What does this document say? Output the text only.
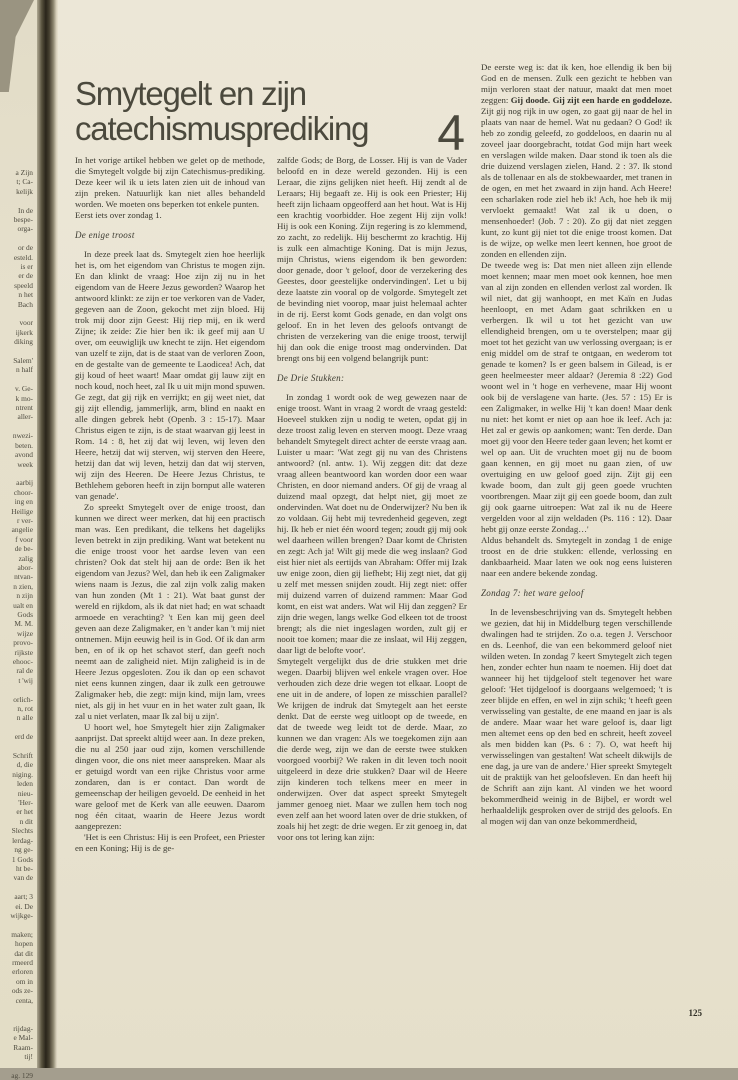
a Zijn
t; Ca-
kelijk
In de
bespe-
orga-
or de
esteld.
is er
er de
speeld
n het
Bach
voor
ijkerk
diking
Salem'
n half
v. Ge-
k mo-
ntrent
aller-
nwezi-
beten.
avond
week
aarbij
choor-
ing en
Heilige
r ver-
angelie
f voor
de be-
zalig
abor-
ntvan-
n zien,
n zijn
ualt en
Gods
M. M.
wijze
provo-
rijkste
ehooc-
ral de
t 'wij
orlich-
n, rot
n alle
erd de
Schrift
d, die
niging.
leden
nieu-
'Her-
er het
n dit
Slechts
lerdag-
ng ge-
1 Gods
ht be-
van de
aart; 3
ei. De
wijkge-
maken;
hopen
dat dit
rmeerd
erloren
om in
ods ze-
centa,
rijdag-
e Mal-
Raam-
tij!
ag. 129
Smytegelt en zijn
catechismusprediking	4

In het vorige artikel hebben we gelet op de methode, die Smytegelt volgde bij zijn Catechismus-prediking. Deze keer wil ik u iets laten zien uit de inhoud van zijn preken. Natuurlijk kan niet alles behandeld worden. We moeten ons beperken tot enkele punten.

Eerst iets over zondag 1.

De enige troost

In deze preek laat ds. Smytegelt zien hoe heerlijk het is, om het eigendom van Christus te mogen zijn. En dan klinkt de vraag: Hoe zijn zij nu in het eigendom van de Heere Jezus geworden? Waarop het antwoord klinkt: ze zijn er toe verkoren van de Vader, gegeven aan de Zoon, gekocht met zijn bloed. Hij trok mij door zijn Geest: Hij riep mij, en ik werd Zijne; ik zeide: Zie hier ben ik: ik geef mij aan U over, om eeuwiglijk uw knecht te zijn. Het eigendom van uzelf te zijn, dat is de staat van de verloren Zoon, en de gestalte van de gemeente te Laodicea! Ach, dat gij koud of heet waart! Maar omdat gij lauw zijt en noch koud, noch heet, zal Ik u uit mijn mond spuwen. Ge zegt, dat gij rijk en verrijkt; en gij weet niet, dat gij zijt ellendig, jammerlijk, arm, blind en naakt en alle dingen gebrek hebt (Openb. 3 : 15-17). Maar Christus eigen te zijn, is de staat waarvan gij leest in Rom. 14 : 8, het zij dat wij leven, wij leven den Heere, hetzij dat wij sterven, wij sterven den Heere, hetzij dan dat wij leven, hetzij dan dat wij sterven, wij zijn des Heeren. De Heere Jezus Christus, te Bethlehem geboren heeft in zijn bornput alle wateren van genade'.

Zo spreekt Smytegelt over de enige troost, dan kunnen we direct weer merken, dat hij een practisch man was. Een predikant, die telkens het dagelijks leven betrekt in zijn prediking. Want wat betekent nu die enige troost voor het aardse leven van een christen? Ook dat stelt hij aan de orde: Ben ik het eigendom van Jezus? Wel, dan heb ik een Zaligmaker wiens naam is Jezus, die zal zijn volk zalig maken van hun zonden (Mt 1 : 21). Wat baat gunst der wereld en rijkdom, als ik dat niet had; en wat schaadt armoede en verachting? 't Een kan mij geen deel geven aan deze Zaligmaker, en 't ander kan 't mij niet ontnemen. Mijn eeuwig heil is in God. Of ik dan arm ben, en of ik op het schavot sterf, dan geeft noch neemt aan de zaligheid niet. Mijn zaligheid is in de Heere Jezus opgesloten. Zou ik dan op een schavot niet eens kunnen zingen, daar ik zulk een getrouwe Zaligmaker heb, die zegt: mijn kind, mijn lam, vrees niet, als gij in het vuur en in het water zult gaan, Ik zal u niet verlaten, maar Ik zal bij u zijn'.

U hoort wel, hoe Smytegelt hier zijn Zaligmaker aanprijst. Dat spreekt altijd weer aan. In deze preken, die nu al 250 jaar oud zijn, komen verschillende dingen voor, die ons niet meer aanspreken. Maar als er getuigd wordt van een rijke Christus voor arme zondaren, dan is er contact. Dan wordt de gemeenschap der heiligen gevoeld. De eenheid in het ware geloof met de Kerk van alle eeuwen. Daarom nog één citaat, waarin de Heere Jezus wordt aangeprezen:

'Het is een Christus: Hij is een Profeet, een Priester en een Koning; Hij is de ge-

zalfde Gods; de Borg, de Losser. Hij is van de Vader beloofd en in deze wereld gezonden. Hij is een Leraar, die zijns gelijken niet heeft. Hij zendt al de Leraars; Hij begaaft ze. Hij is ook een Priester; Hij heeft zijn lichaam opgeofferd aan het hout. Wat is Hij een krachtig voorbidder. Hoe zegent Hij zijn volk! Hij is ook een Koning. Zijn regering is zo klemmend, zo zacht, zo redelijk. Hij beschermt zo krachtig. Hij is zulk een almachtige Koning. Dat is mijn Jezus, mijn Christus, wiens eigendom ik ben geworden: door genade, door 't geloof, door de verzekering des Geestes, door geestelijke ondervindingen'. Let u bij deze laatste zin vooral op de volgorde. Smytegelt zet de bevinding niet voorop, maar juist helemaal achter in de rij. Eerst komt Gods genade, en dan volgt ons geloof. En in het leven des geloofs ontvangt de christen de verzekering van die enige troost, terwijl hij dan ook die enige troost mag ondervinden. Dat brengt ons bij een volgend belangrijk punt:

De Drie Stukken:

In zondag 1 wordt ook de weg gewezen naar de enige troost. Want in vraag 2 wordt de vraag gesteld: Hoeveel stukken zijn u nodig te weten, opdat gij in deze troost zalig leven en sterven moogt. Deze vraag behandelt Smytegelt direct achter de eerste vraag aan. Luister u maar: 'Wat zegt gij nu van des Christens antwoord? (nl. antw. 1). Wij zeggen dit: dat deze vraag alleen beantwoord kan worden door een waar Christen, en door niemand anders. Of gij de vraag al duizend maal opzegt, dat helpt niet, gij moet ze ondervinden. Wat doet nu de Onderwijzer? Nu ben ik zo voldaan. Gij hebt mij tevredenheid gegeven, zegt hij. Ik heb er niet één woord tegen; zoudt gij mij ook wel daarheen willen brengen? Daar komt de Christen en zegt: Ach ja! Wilt gij mede die weg inslaan? God eist hier niet als eertijds van Abraham: Offer mij Izak uw enige zoon, dien gij liefhebt; Hij zegt niet, dat gij u zelf met messen snijden zoudt. Hij zegt niet: offer mij duizend varren of duizend rammen: Maar God komt, en eist wat anders. Wat wil Hij dan zeggen? Er zijn drie wegen, langs welke God elkeen tot de troost brengt; als die niet ingeslagen worden, zult gij er nooit toe komen; maar die ze inslaat, wil Hij zeggen, daar ligt de belofte voor'.

Smytegelt vergelijkt dus de drie stukken met drie wegen. Daarbij blijven wel enkele vragen over. Hoe verhouden zich deze drie wegen tot elkaar. Loopt de ene uit in de andere, of lopen ze misschien parallel? We krijgen de indruk dat Smytegelt aan het eerste denkt. Dat de eerste weg uitloopt op de tweede, en dat de tweede weg leidt tot de derde. Maar, zo kunnen we dan vragen: Als we toegekomen zijn aan die derde weg, zijn we dan de eerste twee stukken voorgoed voorbij? We raken in dit leven toch nooit uitgeleerd in deze drie stukken? Daar wil de Heere zijn kinderen toch telkens meer en meer in onderwijzen. Over dat aspect spreekt Smytegelt jammer genoeg niet. Maar we zullen hem toch nog even zelf aan het woord laten over de drie stukken, of zoals hij het zegt: de drie wegen. Er zit genoeg in, dat voor ons tot lering kan zijn:

De eerste weg is: dat ik ken, hoe ellendig ik ben bij God en de mensen. Zulk een gezicht te hebben van mijn verloren staat der natuur, maakt dat men moet zeggen: Gij doode. Gij zijt een harde en goddeloze. Zijt gij nog rijk in uw ogen, zo gaat gij naar de hel in plaats van naar de hemel. Wat nu gedaan? O God! ik heb zo zondig geleefd, zo goddeloos, en daarin nu al zoveel jaar doorgebracht, totdat God mijn hart week en verslagen wilde maken. Daar stond ik toen als die drie duizend verslagen zielen, Hand. 2 : 37. Ik stond als de tollenaar en als de stokbewaarder, met tranen in de ogen, en met het zwaard in zijn hand. Ach Heere! een scharlaken rode ziel heb ik! Ach, hoe heb ik mij vervloekt gemaakt! Wat zal ik u doen, o mensenhoeder! (Job. 7 : 20). Zo gij dat niet zeggen kunt, zo kunt gij niet tot die enige troost komen. Dat is de wijze, op welke men leert kennen, hoe groot de zonden en ellenden zijn.

De tweede weg is: Dat men niet alleen zijn ellende moet kennen; maar men moet ook kennen, hoe men van al zijn zonden en ellenden verlost zal worden. Ik wil niet, dat gij wanhoopt, en met Kaïn en Judas heenloopt, en met Adam gaat schrikken en u verbergen. Ik wil u tot het gezicht van uw ellendigheid brengen, om u te overstelpen; maar gij moet tot het gezicht van uw verlossing overgaan; is er enig middel om de straf te ontgaan, en wederom tot genade te komen? Is er geen balsem in Gilead, is er geen heelmeester meer aldaar? (Jeremia 8 :22) God woont wel in 't hoge en verhevene, maar Hij woont ook bij de verslagene van harte. (Jes. 57 : 15) Er is een Zaligmaker, in welke Hij 't kan doen! Maar denk nu niet: het komt er niet op aan hoe ik leef. Ach ja: Het zal er gewis op aankomen; want: Ten derde. Dan moet gij voor den Heere teder gaan leven; het komt er wel op aan. Uit de vruchten moet gij nu de boom gaan kennen, en gij moet nu gaan zien, of uw overtuiging en uw geloof goed zijn. Zijt gij een kwade boom, dan zult gij geen goede vruchten voortbrengen. Maar zijt gij een goede boom, dan zult gij ook gaarne uitroepen: Wat zal ik nu de Heere vergelden voor al zijn weldaden (Ps. 116 : 12). Daar hebt gij onze eerste Zondag…'

Aldus behandelt ds. Smytegelt in zondag 1 de enige troost en de drie stukken: ellende, verlossing en dankbaarheid. Maar laten we ook nog eens luisteren naar een andere bekende zondag.

Zondag 7: het ware geloof

In de levensbeschrijving van ds. Smytegelt hebben we gezien, dat hij in Middelburg tegen verschillende dwalingen had te strijden. Zo o.a. tegen J. Verschoor en ds. Leenhof, die van een bekommerd geloof niet wilden weten. In zondag 7 keert Smytegelt zich tegen hen, zonder echter hun naam te noemen. Hij doet dat wanneer hij het tijdgeloof stelt tegenover het ware geloof: 'Het tijdgeloof is doorgaans welgemoed; 't is zeer blijde en effen, en wel in zijn schik; 't heeft geen verwisseling van gestalte, de ene maand en jaar is als de andere. Maar waar het ware geloof is, daar ligt men altemet eens op den bed en schreit, heeft zoveel als men bidden kan (Ps. 6 : 7). O, wat heeft hij verwisselingen van gestalten! Wat scheelt dikwijls de ene dag, ja ure van de andere.' Hier spreekt Smytegelt uit de praktijk van het geloofsleven. En dan heeft hij de Schrift aan zijn kant. Al vinden we het woord bekommerdheid weinig in de Bijbel, er wordt wel herhaaldelijk gesproken over de strijd des geloofs. En al mogen wij dan van onze bekommerdheid,

125
